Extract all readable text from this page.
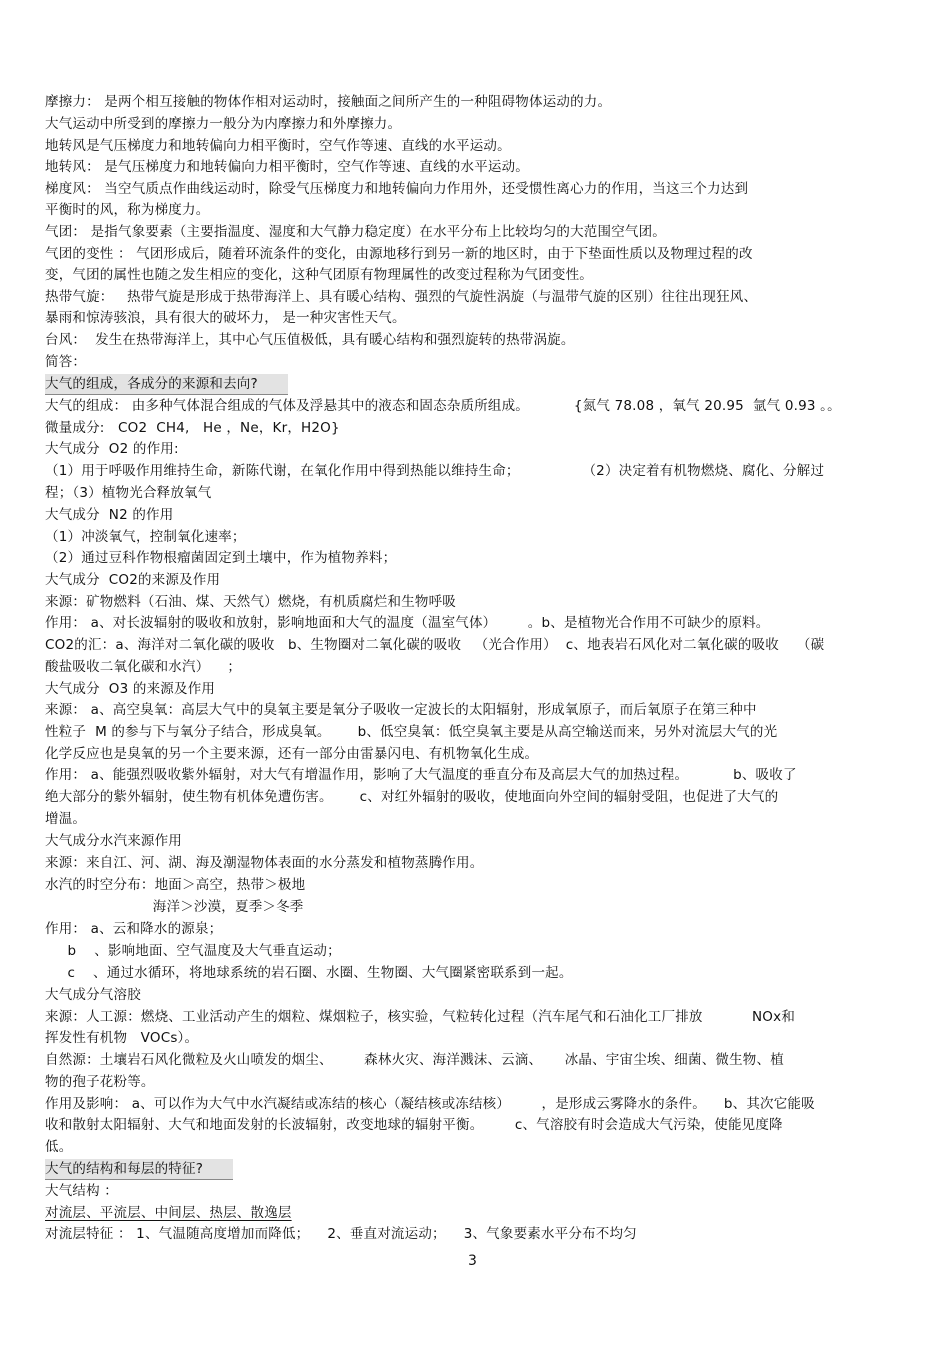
摩擦力： 是两个相互接触的物体作相对运动时，接触面之间所产生的一种阻碍物体运动的力。
大气运动中所受到的摩擦力一般分为内摩擦力和外摩擦力。
地转风是气压梯度力和地转偏向力相平衡时，空气作等速、直线的水平运动。
地转风： 是气压梯度力和地转偏向力相平衡时，空气作等速、直线的水平运动。
梯度风： 当空气质点作曲线运动时，除受气压梯度力和地转偏向力作用外，还受惯性离心力的作用，当这三个力达到
平衡时的风，称为梯度力。
气团： 是指气象要素（主要指温度、湿度和大气静力稳定度）在水平分布上比较均匀的大范围空气团。
气团的变性 ： 气团形成后，随着环流条件的变化，由源地移行到另一新的地区时，由于下垫面性质以及物理过程的改
变，气团的属性也随之发生相应的变化，这种气团原有物理属性的改变过程称为气团变性。
热带气旋：   热带气旋是形成于热带海洋上、具有暖心结构、强烈的气旋性涡旋（与温带气旋的区别）往往出现狂风、
暴雨和惊涛骇浪，具有很大的破坏力， 是一种灾害性天气。
台风：  发生在热带海洋上，其中心气压值极低，具有暖心结构和强烈旋转的热带涡旋。
简答：
大气的组成，各成分的来源和去向?
大气的组成： 由多种气体混合组成的气体及浮悬其中的液态和固态杂质所组成。          {氮气 78.08 ，氧气 20.95  氩气 0.93 。。
微量成分:   CO2  CH4,   He ，Ne，Kr，H2O}
大气成分  O2 的作用:
（1）用于呼吸作用维持生命，新陈代谢，在氧化作用中得到热能以维持生命；              （2）决定着有机物燃烧、腐化、分解过
程；（3）植物光合释放氧气
大气成分  N2 的作用
（1）冲淡氧气，控制氧化速率；
（2）通过豆科作物根瘤菌固定到土壤中，作为植物养料；
大气成分  CO2的来源及作用
来源：矿物燃料（石油、煤、天然气）燃烧，有机质腐烂和生物呼吸
作用： a、对长波辐射的吸收和放射，影响地面和大气的温度（温室气体）       。b、是植物光合作用不可缺少的原料。
CO2的汇：a、海洋对二氧化碳的吸收   b、生物圈对二氧化碳的吸收   （光合作用）  c、地表岩石风化对二氧化碳的吸收    （碳
酸盐吸收二氧化碳和水汽）    ；
大气成分  O3 的来源及作用
来源： a、高空臭氧：高层大气中的臭氧主要是氧分子吸收一定波长的太阳辐射，形成氧原子，而后氧原子在第三种中
性粒子  M 的参与下与氧分子结合，形成臭氧。      b、低空臭氧：低空臭氧主要是从高空输送而来，另外对流层大气的光
化学反应也是臭氧的另一个主要来源，还有一部分由雷暴闪电、有机物氧化生成。
作用： a、能强烈吸收紫外辐射，对大气有增温作用，影响了大气温度的垂直分布及高层大气的加热过程。          b、吸收了
绝大部分的紫外辐射，使生物有机体免遭伤害。      c、对红外辐射的吸收，使地面向外空间的辐射受阻，也促进了大气的
增温。
大气成分水汽来源作用
来源：来自江、河、湖、海及潮湿物体表面的水分蒸发和植物蒸腾作用。
水汽的时空分布：地面＞高空，热带＞极地
海洋＞沙漠，夏季＞冬季
作用： a、云和降水的源泉；
b    、影响地面、空气温度及大气垂直运动；
c    、通过水循环，将地球系统的岩石圈、水圈、生物圈、大气圈紧密联系到一起。
大气成分气溶胶
来源：人工源：燃烧、工业活动产生的烟粒、煤烟粒子，核实验，气粒转化过程（汽车尾气和石油化工厂排放           NOx和
挥发性有机物   VOCs）。
自然源：土壤岩石风化微粒及火山喷发的烟尘、       森林火灾、海洋溅沫、云滴、     冰晶、宇宙尘埃、细菌、微生物、植
物的孢子花粉等。
作用及影响： a、可以作为大气中水汽凝结或冻结的核心（凝结核或冻结核）       ，是形成云雾降水的条件。    b、其次它能吸
收和散射太阳辐射、大气和地面发射的长波辐射，改变地球的辐射平衡。       c、气溶胶有时会造成大气污染，使能见度降
低。
大气的结构和每层的特征?
大气结构 ：
对流层、平流层、中间层、热层、散逸层
对流层特征 ： 1、气温随高度增加而降低；    2、垂直对流运动；    3、气象要素水平分布不均匀
3
